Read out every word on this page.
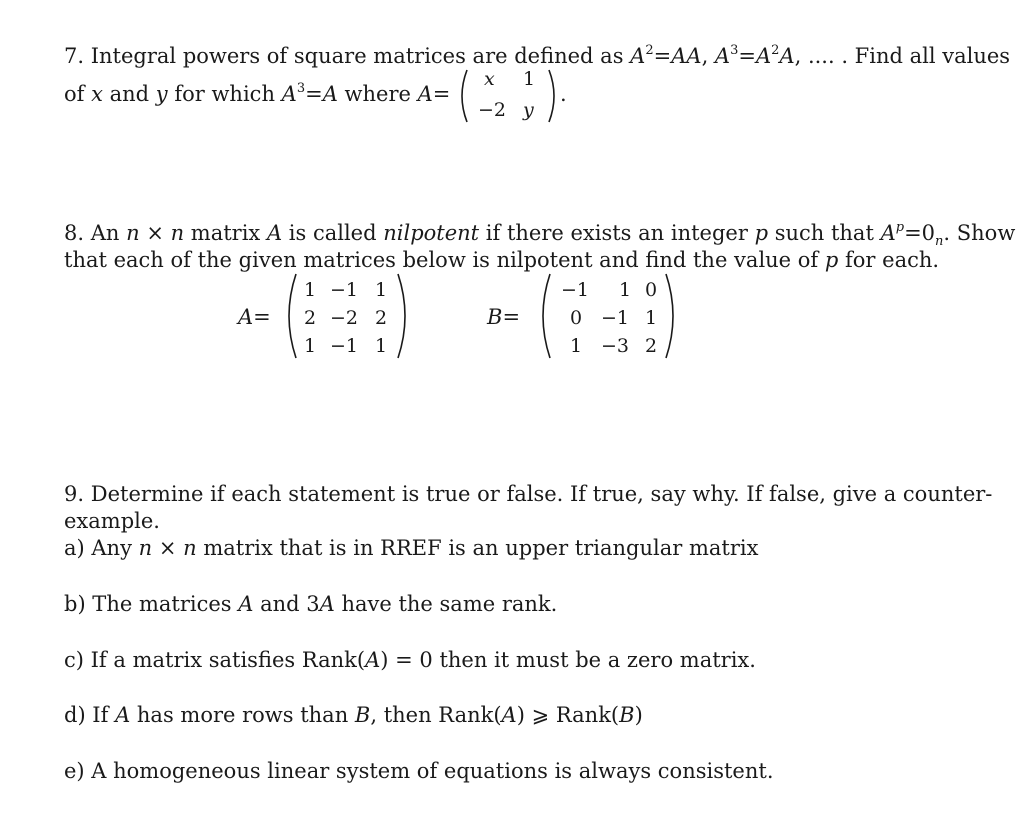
7. Integral powers of square matrices are defined as $A^2=AA$, $A^3=A^2A$, .... . Find all values
of x and y for which $A^3=A$ where A=
x 1
−2 y
.
8. An n × n matrix A is called nilpotent if there exists an integer p such that $A^p=0_n$. Show
that each of the given matrices below is nilpotent and find the value of p for each.
A=
1 −1 1
2 −2 2
1 −1 1
B=
−1 1 0
0 −1 1
1 −3 2
9. Determine if each statement is true or false. If true, say why. If false, give a counter-
example.
a) Any n × n matrix that is in RREF is an upper triangular matrix
b) The matrices A and 3A have the same rank.
c) If a matrix satisfies Rank(A) = 0 then it must be a zero matrix.
d) If A has more rows than B, then Rank(A) ⩾ Rank(B)
e) A homogeneous linear system of equations is always consistent.
